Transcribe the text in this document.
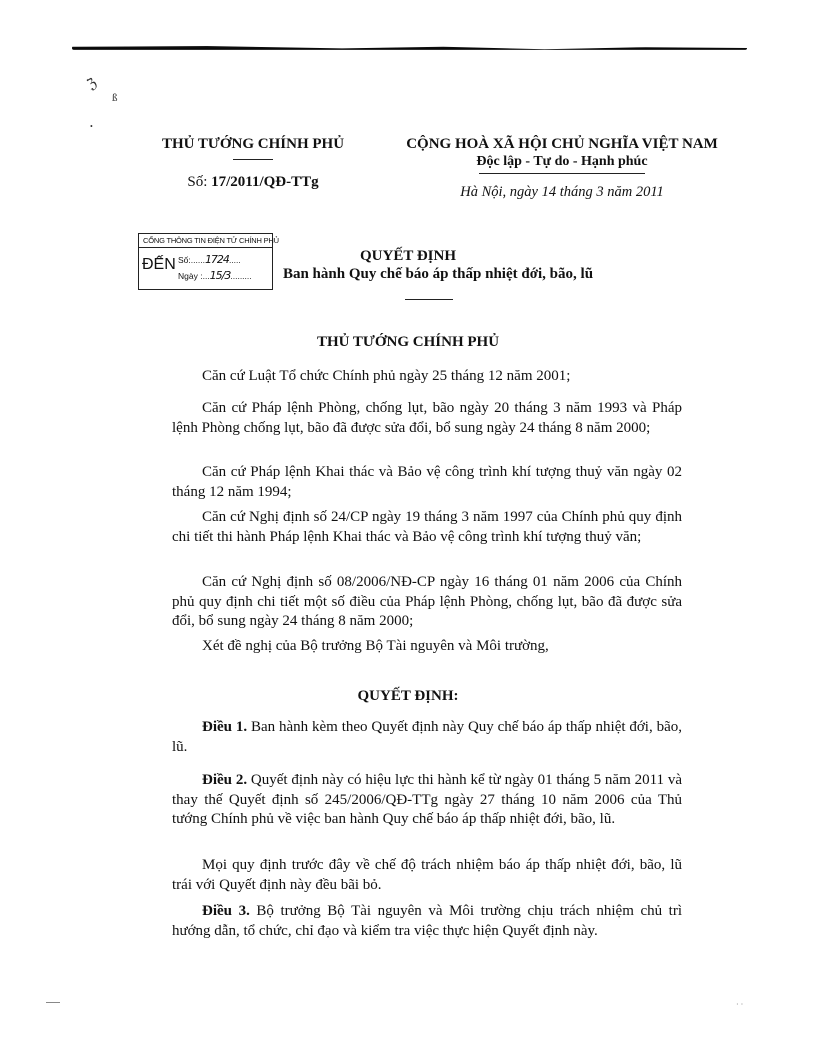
ℨ
ß
•
THỦ TƯỚNG CHÍNH PHỦ
Số: 17/2011/QĐ-TTg
CỘNG HOÀ XÃ HỘI CHỦ NGHĨA VIỆT NAM
Độc lập - Tự do - Hạnh phúc
Hà Nội, ngày 14 tháng 3 năm 2011
CỔNG THÔNG TIN ĐIỆN TỬ CHÍNH PHỦ
ĐẾN Số:......1724.....
Ngày :...15/3.........
QUYẾT ĐỊNH
Ban hành Quy chế báo áp thấp nhiệt đới, bão, lũ
THỦ TƯỚNG CHÍNH PHỦ
Căn cứ Luật Tổ chức Chính phủ ngày 25 tháng 12 năm 2001;
Căn cứ Pháp lệnh Phòng, chống lụt, bão ngày 20 tháng 3 năm 1993 và Pháp lệnh Phòng chống lụt, bão đã được sửa đổi, bổ sung ngày 24 tháng 8 năm 2000;
Căn cứ Pháp lệnh Khai thác và Bảo vệ công trình khí tượng thuỷ văn ngày 02 tháng 12 năm 1994;
Căn cứ Nghị định số 24/CP ngày 19 tháng 3 năm 1997 của Chính phủ quy định chi tiết thi hành Pháp lệnh Khai thác và Bảo vệ công trình khí tượng thuỷ văn;
Căn cứ Nghị định số 08/2006/NĐ-CP ngày 16 tháng 01 năm 2006 của Chính phủ quy định chi tiết một số điều của Pháp lệnh Phòng, chống lụt, bão đã được sửa đổi, bổ sung ngày 24 tháng 8 năm 2000;
Xét đề nghị của Bộ trưởng Bộ Tài nguyên và Môi trường,
QUYẾT ĐỊNH:
Điều 1. Ban hành kèm theo Quyết định này Quy chế báo áp thấp nhiệt đới, bão, lũ.
Điều 2. Quyết định này có hiệu lực thi hành kể từ ngày 01 tháng 5 năm 2011 và thay thế Quyết định số 245/2006/QĐ-TTg ngày 27 tháng 10 năm 2006 của Thủ tướng Chính phủ về việc ban hành Quy chế báo áp thấp nhiệt đới, bão, lũ.
Mọi quy định trước đây về chế độ trách nhiệm báo áp thấp nhiệt đới, bão, lũ trái với Quyết định này đều bãi bỏ.
Điều 3. Bộ trưởng Bộ Tài nguyên và Môi trường chịu trách nhiệm chủ trì hướng dẫn, tổ chức, chỉ đạo và kiểm tra việc thực hiện Quyết định này.
· ·
